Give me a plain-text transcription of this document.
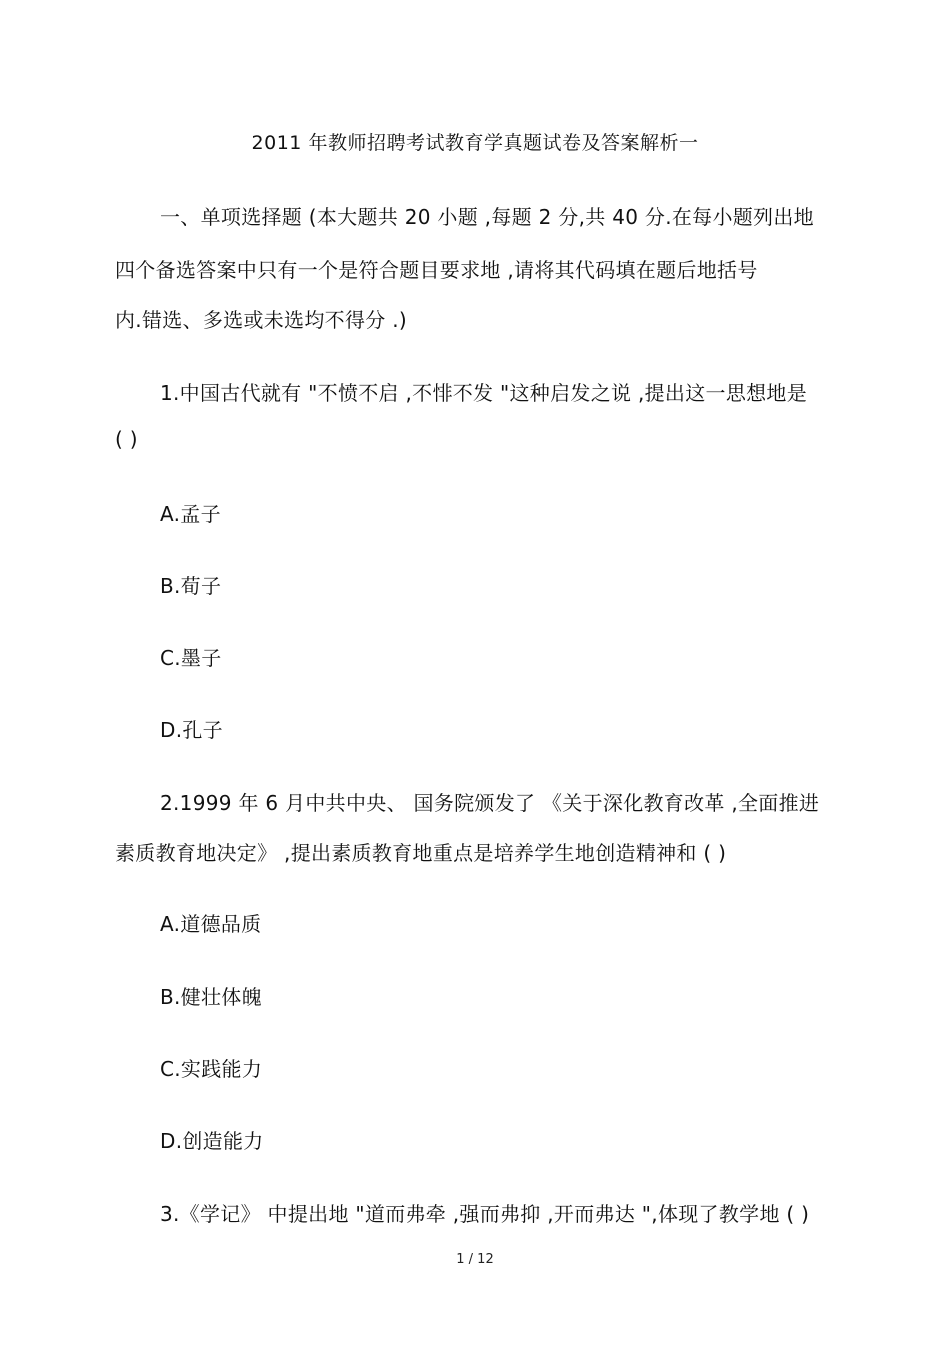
2011 年教师招聘考试教育学真题试卷及答案解析一
一、单项选择题 (本大题共 20 小题 ,每题 2 分,共 40 分.在每小题列出地
四个备选答案中只有一个是符合题目要求地 ,请将其代码填在题后地括号
内.错选、多选或未选均不得分 .)
1.中国古代就有 "不愤不启 ,不悱不发 "这种启发之说 ,提出这一思想地是
( )
A.孟子
B.荀子
C.墨子
D.孔子
2.1999 年 6 月中共中央、 国务院颁发了 《关于深化教育改革 ,全面推进
素质教育地决定》 ,提出素质教育地重点是培养学生地创造精神和 ( )
A.道德品质
B.健壮体魄
C.实践能力
D.创造能力
3.《学记》 中提出地 "道而弗牵 ,强而弗抑 ,开而弗达 ",体现了教学地 ( )
1 / 12
